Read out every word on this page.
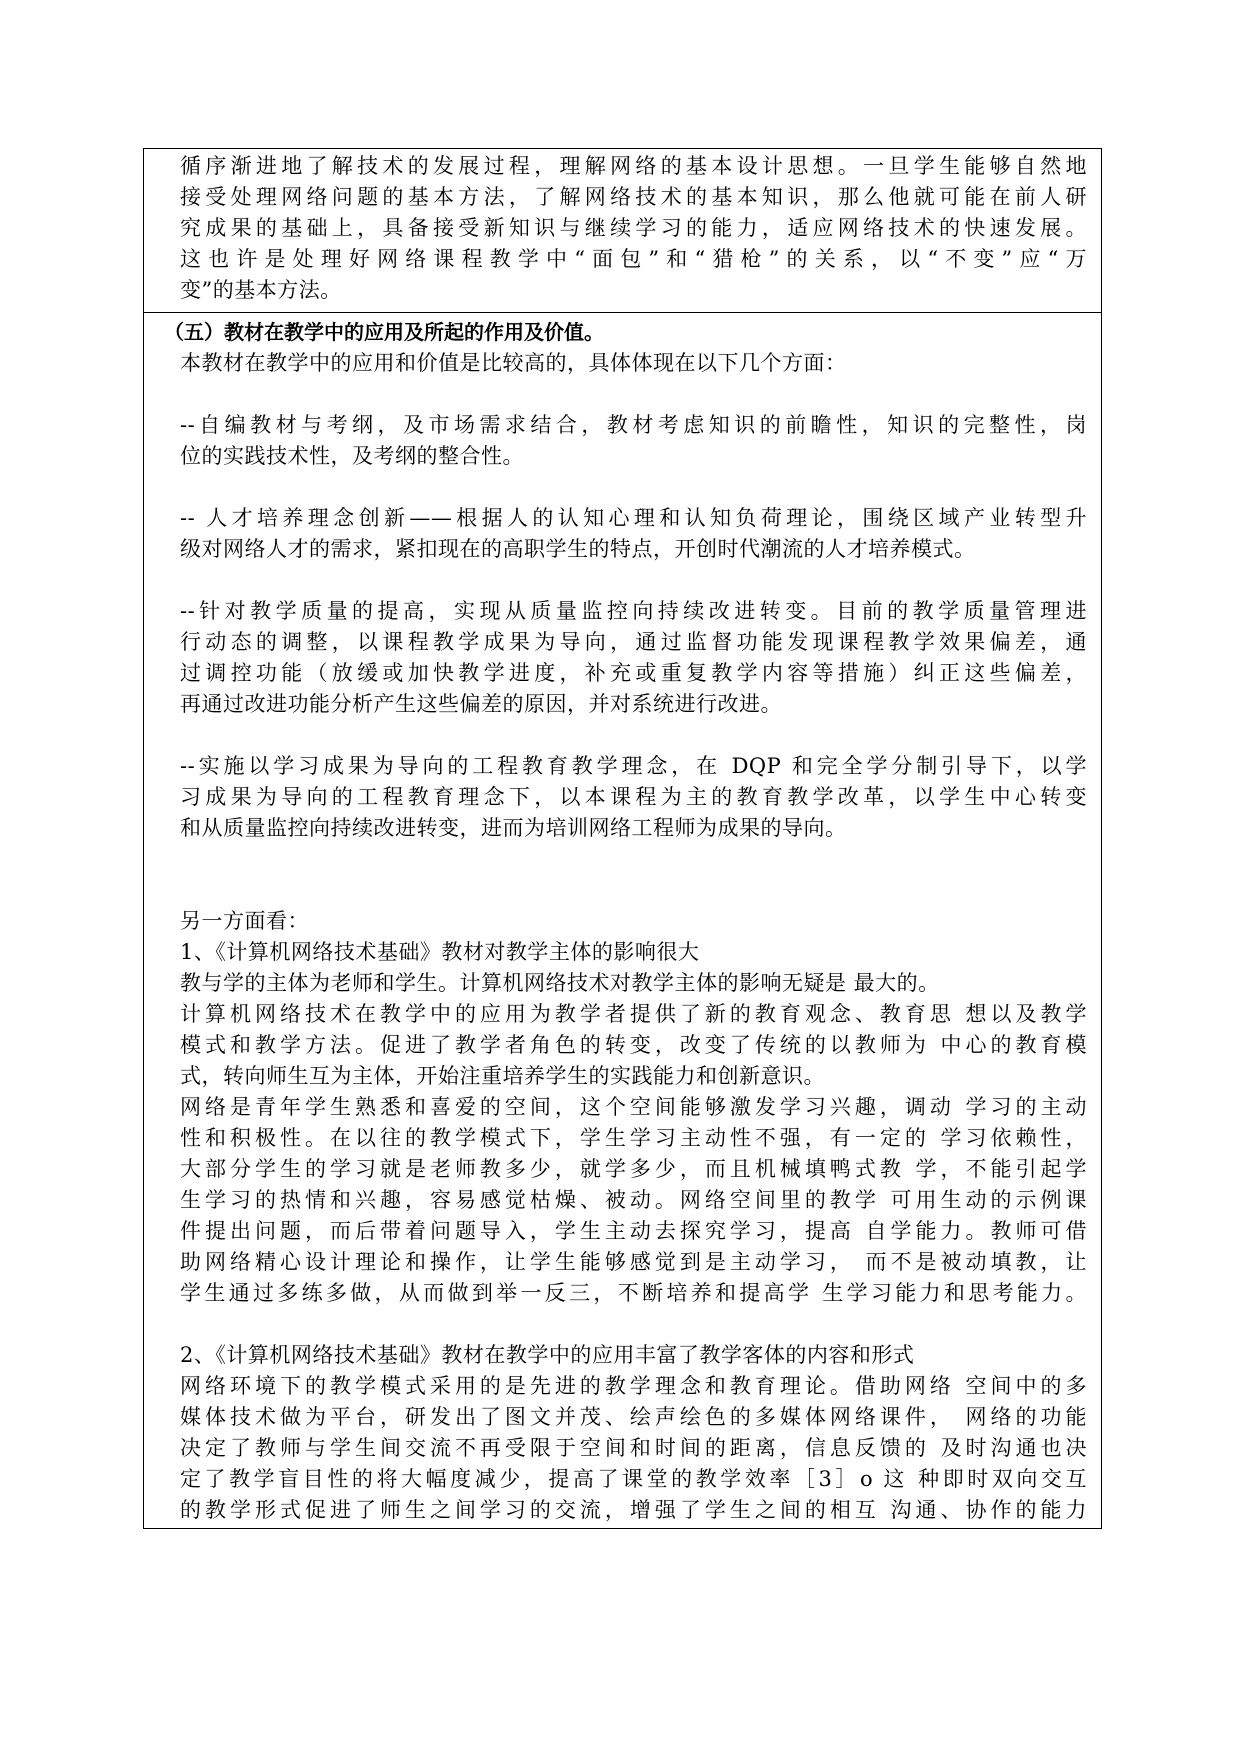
循序渐进地了解技术的发展过程，理解网络的基本设计思想。一旦学生能够自然地
接受处理网络问题的基本方法，了解网络技术的基本知识，那么他就可能在前人研
究成果的基础上，具备接受新知识与继续学习的能力，适应网络技术的快速发展。
这也许是处理好网络课程教学中“面包”和“猎枪”的关系，以“不变”应“万
变”的基本方法。
（五）教材在教学中的应用及所起的作用及价值。
本教材在教学中的应用和价值是比较高的，具体体现在以下几个方面：
--自编教材与考纲，及市场需求结合，教材考虑知识的前瞻性，知识的完整性，岗
位的实践技术性，及考纲的整合性。
-- 人才培养理念创新——根据人的认知心理和认知负荷理论，围绕区域产业转型升
级对网络人才的需求，紧扣现在的高职学生的特点，开创时代潮流的人才培养模式。
--针对教学质量的提高，实现从质量监控向持续改进转变。目前的教学质量管理进
行动态的调整，以课程教学成果为导向，通过监督功能发现课程教学效果偏差，通
过调控功能（放缓或加快教学进度，补充或重复教学内容等措施）纠正这些偏差，
再通过改进功能分析产生这些偏差的原因，并对系统进行改进。
--实施以学习成果为导向的工程教育教学理念，在 DQP 和完全学分制引导下，以学
习成果为导向的工程教育理念下，以本课程为主的教育教学改革，以学生中心转变
和从质量监控向持续改进转变，进而为培训网络工程师为成果的导向。
另一方面看：
1、《计算机网络技术基础》教材对教学主体的影响很大
教与学的主体为老师和学生。计算机网络技术对教学主体的影响无疑是 最大的。
计算机网络技术在教学中的应用为教学者提供了新的教育观念、教育思 想以及教学
模式和教学方法。促进了教学者角色的转变，改变了传统的以教师为 中心的教育模
式，转向师生互为主体，开始注重培养学生的实践能力和创新意识。
网络是青年学生熟悉和喜爱的空间，这个空间能够激发学习兴趣，调动 学习的主动
性和积极性。在以往的教学模式下，学生学习主动性不强，有一定的 学习依赖性，
大部分学生的学习就是老师教多少，就学多少，而且机械填鸭式教 学，不能引起学
生学习的热情和兴趣，容易感觉枯燥、被动。网络空间里的教学 可用生动的示例课
件提出问题，而后带着问题导入，学生主动去探究学习，提高 自学能力。教师可借
助网络精心设计理论和操作，让学生能够感觉到是主动学习， 而不是被动填教，让
学生通过多练多做，从而做到举一反三，不断培养和提高学 生学习能力和思考能力。
2、《计算机网络技术基础》教材在教学中的应用丰富了教学客体的内容和形式
网络环境下的教学模式采用的是先进的教学理念和教育理论。借助网络 空间中的多
媒体技术做为平台，研发出了图文并茂、绘声绘色的多媒体网络课件， 网络的功能
决定了教师与学生间交流不再受限于空间和时间的距离，信息反馈的 及时沟通也决
定了教学盲目性的将大幅度减少，提高了课堂的教学效率［3］o 这 种即时双向交互
的教学形式促进了师生之间学习的交流，增强了学生之间的相互 沟通、协作的能力
